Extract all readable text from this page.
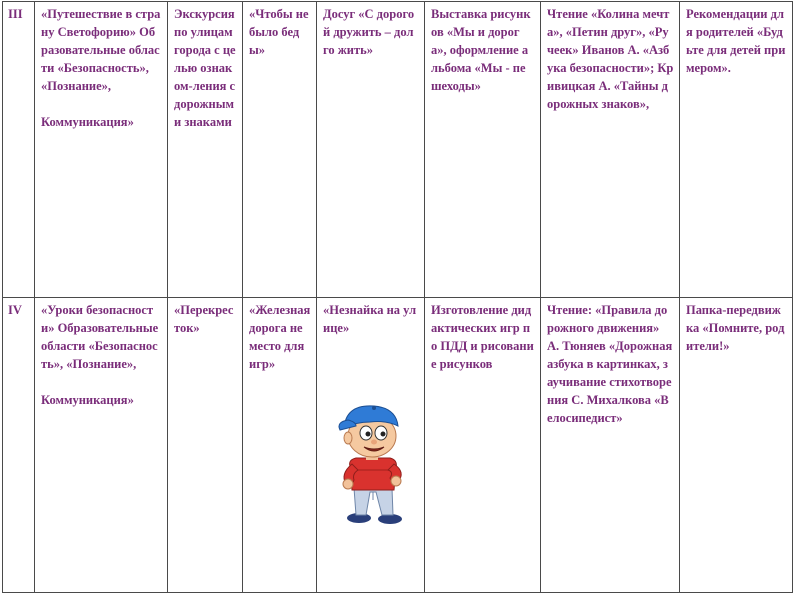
III	«Путешествие в страну Светофорию» Образовательные области «Безопасность», «Познание»,

Коммуникация»	Экскурсия по улицам города с целью ознаком-ления с дорожными знаками	«Чтобы не было беды»	Досуг «С дорогой дружить – долго жить»	Выставка рисунков «Мы и дорога», оформление альбома «Мы - пешеходы»	Чтение «Колина мечта», «Петин друг», «Ручеек» Иванов А. «Азбука безопасности»; Кривицкая А. «Тайны дорожных знаков»,	Рекомендации для родителей «Будьте для детей примером».
IV	«Уроки безопасности» Образовательные области «Безопасность», «Познание»,

Коммуникация»	«Перекресток»	«Железная дорога не место для игр»	«Незнайка на улице»	Изготовление дидактических игр по ПДД и рисование рисунков	Чтение: «Правила дорожного движения» А. Тюняев «Дорожная азбука в картинках, заучивание стихотворения С. Михалкова «Велосипедист»	Папка-передвижка «Помните, родители!»
